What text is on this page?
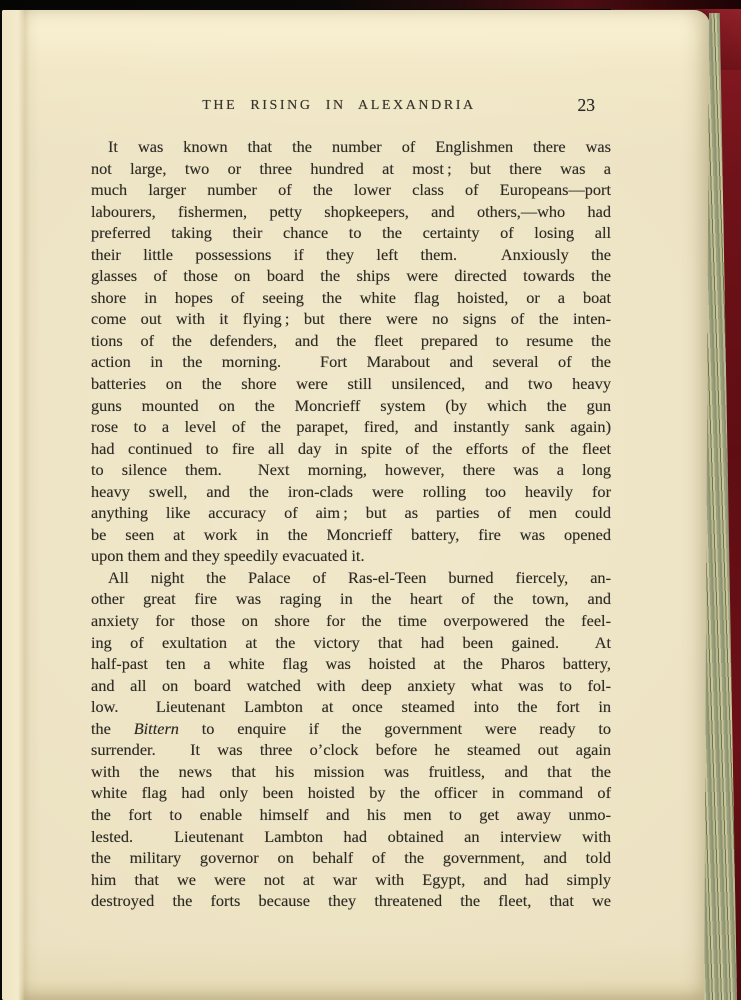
THE RISING IN ALEXANDRIA	23
It was known that the number of Englishmen there was
not large, two or three hundred at most ; but there was a
much larger number of the lower class of Europeans—port
labourers, fishermen, petty shopkeepers, and others,—who had
preferred taking their chance to the certainty of losing all
their little possessions if they left them.  Anxiously the
glasses of those on board the ships were directed towards the
shore in hopes of seeing the white flag hoisted, or a boat
come out with it flying ; but there were no signs of the inten-
tions of the defenders, and the fleet prepared to resume the
action in the morning.  Fort Marabout and several of the
batteries on the shore were still unsilenced, and two heavy
guns mounted on the Moncrieff system (by which the gun
rose to a level of the parapet, fired, and instantly sank again)
had continued to fire all day in spite of the efforts of the fleet
to silence them.  Next morning, however, there was a long
heavy swell, and the iron-clads were rolling too heavily for
anything like accuracy of aim ; but as parties of men could
be seen at work in the Moncrieff battery, fire was opened
upon them and they speedily evacuated it.
All night the Palace of Ras-el-Teen burned fiercely, an-
other great fire was raging in the heart of the town, and
anxiety for those on shore for the time overpowered the feel-
ing of exultation at the victory that had been gained.  At
half-past ten a white flag was hoisted at the Pharos battery,
and all on board watched with deep anxiety what was to fol-
low.  Lieutenant Lambton at once steamed into the fort in
the Bittern to enquire if the government were ready to
surrender.  It was three o’clock before he steamed out again
with the news that his mission was fruitless, and that the
white flag had only been hoisted by the officer in command of
the fort to enable himself and his men to get away unmo-
lested.  Lieutenant Lambton had obtained an interview with
the military governor on behalf of the government, and told
him that we were not at war with Egypt, and had simply
destroyed the forts because they threatened the fleet, that we
